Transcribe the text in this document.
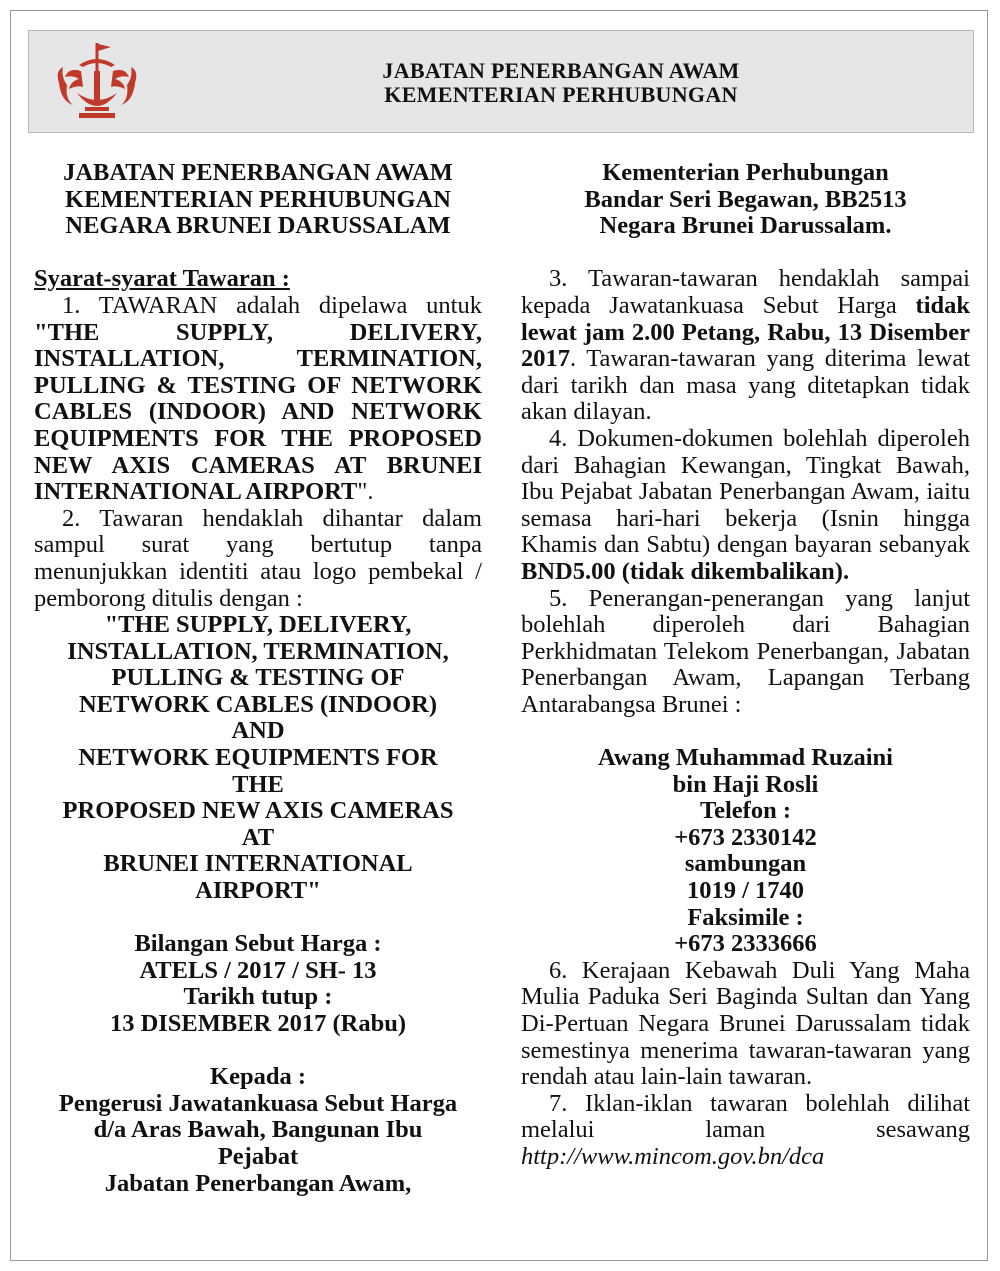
JABATAN PENERBANGAN AWAM
KEMENTERIAN PERHUBUNGAN
JABATAN PENERBANGAN AWAM
KEMENTERIAN PERHUBUNGAN
NEGARA BRUNEI DARUSSALAM
Syarat-syarat Tawaran :

1. TAWARAN adalah dipelawa untuk "THE SUPPLY, DELIVERY, INSTALLATION, TERMINATION, PULLING & TESTING OF NETWORK CABLES (INDOOR) AND NETWORK EQUIPMENTS FOR THE PROPOSED NEW AXIS CAMERAS AT BRUNEI INTERNATIONAL AIRPORT".

2. Tawaran hendaklah dihantar dalam sampul surat yang bertutup tanpa menunjukkan identiti atau logo pembekal / pemborong ditulis dengan :

"THE SUPPLY, DELIVERY,
INSTALLATION, TERMINATION,
PULLING & TESTING OF
NETWORK CABLES (INDOOR)
AND
NETWORK EQUIPMENTS FOR
THE
PROPOSED NEW AXIS CAMERAS
AT
BRUNEI INTERNATIONAL
AIRPORT"
Bilangan Sebut Harga :
ATELS / 2017 / SH- 13
Tarikh tutup :
13 DISEMBER 2017 (Rabu)
Kepada :
Pengerusi Jawatankuasa Sebut Harga
d/a Aras Bawah, Bangunan Ibu
Pejabat
Jabatan Penerbangan Awam,
Kementerian Perhubungan
Bandar Seri Begawan, BB2513
Negara Brunei Darussalam.

3. Tawaran-tawaran hendaklah sampai kepada Jawatankuasa Sebut Harga tidak lewat jam 2.00 Petang, Rabu, 13 Disember 2017. Tawaran-tawaran yang diterima lewat dari tarikh dan masa yang ditetapkan tidak akan dilayan.

4. Dokumen-dokumen bolehlah diperoleh dari Bahagian Kewangan, Tingkat Bawah, Ibu Pejabat Jabatan Penerbangan Awam, iaitu semasa hari-hari bekerja (Isnin hingga Khamis dan Sabtu) dengan bayaran sebanyak BND5.00 (tidak dikembalikan).

5. Penerangan-penerangan yang lanjut bolehlah diperoleh dari Bahagian Perkhidmatan Telekom Penerbangan, Jabatan Penerbangan Awam, Lapangan Terbang Antarabangsa Brunei :

Awang Muhammad Ruzaini
bin Haji Rosli
Telefon :
+673 2330142
sambungan
1019 / 1740
Faksimile :
+673 2333666

6. Kerajaan Kebawah Duli Yang Maha Mulia Paduka Seri Baginda Sultan dan Yang Di-Pertuan Negara Brunei Darussalam tidak semestinya menerima tawaran-tawaran yang rendah atau lain-lain tawaran.

7. Iklan-iklan tawaran bolehlah dilihat melalui laman sesawang

http://www.mincom.gov.bn/dca
